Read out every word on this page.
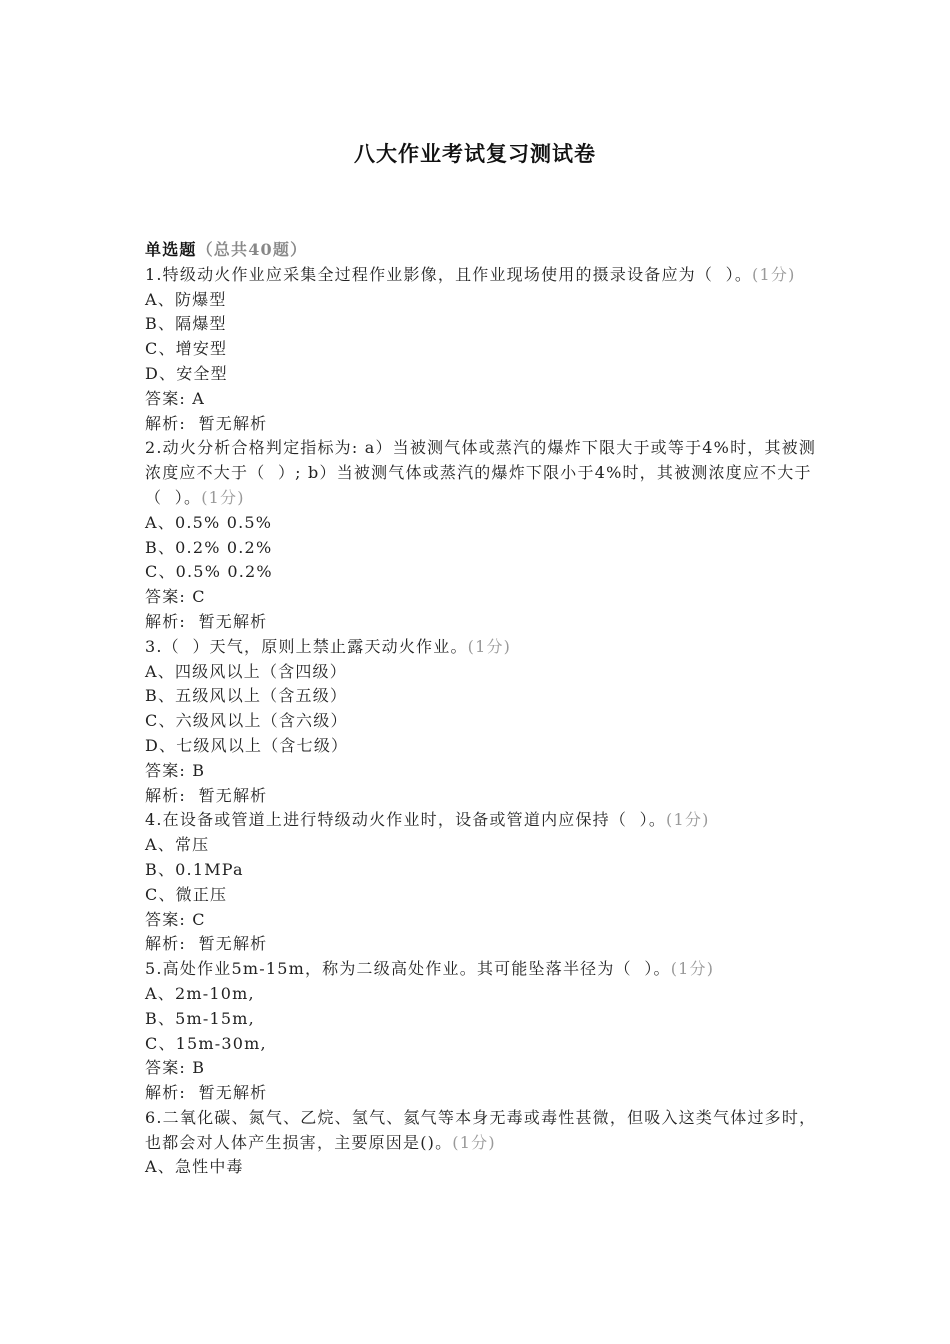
八大作业考试复习测试卷
单选题（总共40题）
1.特级动火作业应采集全过程作业影像，且作业现场使用的摄录设备应为（  ）。(1分)
A、防爆型
B、隔爆型
C、增安型
D、安全型
答案: A
解析:  暂无解析
2.动火分析合格判定指标为: a）当被测气体或蒸汽的爆炸下限大于或等于4%时，其被测浓度应不大于（  ）; b）当被测气体或蒸汽的爆炸下限小于4%时，其被测浓度应不大于（  ）。(1分)
A、0.5% 0.5%
B、0.2% 0.2%
C、0.5% 0.2%
答案: C
解析:  暂无解析
3.（  ）天气，原则上禁止露天动火作业。(1分)
A、四级风以上（含四级）
B、五级风以上（含五级）
C、六级风以上（含六级）
D、七级风以上（含七级）
答案: B
解析:  暂无解析
4.在设备或管道上进行特级动火作业时，设备或管道内应保持（  ）。(1分)
A、常压
B、0.1MPa
C、微正压
答案: C
解析:  暂无解析
5.高处作业5m-15m，称为二级高处作业。其可能坠落半径为（  ）。(1分)
A、2m-10m,
B、5m-15m,
C、15m-30m,
答案: B
解析:  暂无解析
6.二氧化碳、氮气、乙烷、氢气、氦气等本身无毒或毒性甚微，但吸入这类气体过多时，也都会对人体产生损害，主要原因是()。(1分)
A、急性中毒
